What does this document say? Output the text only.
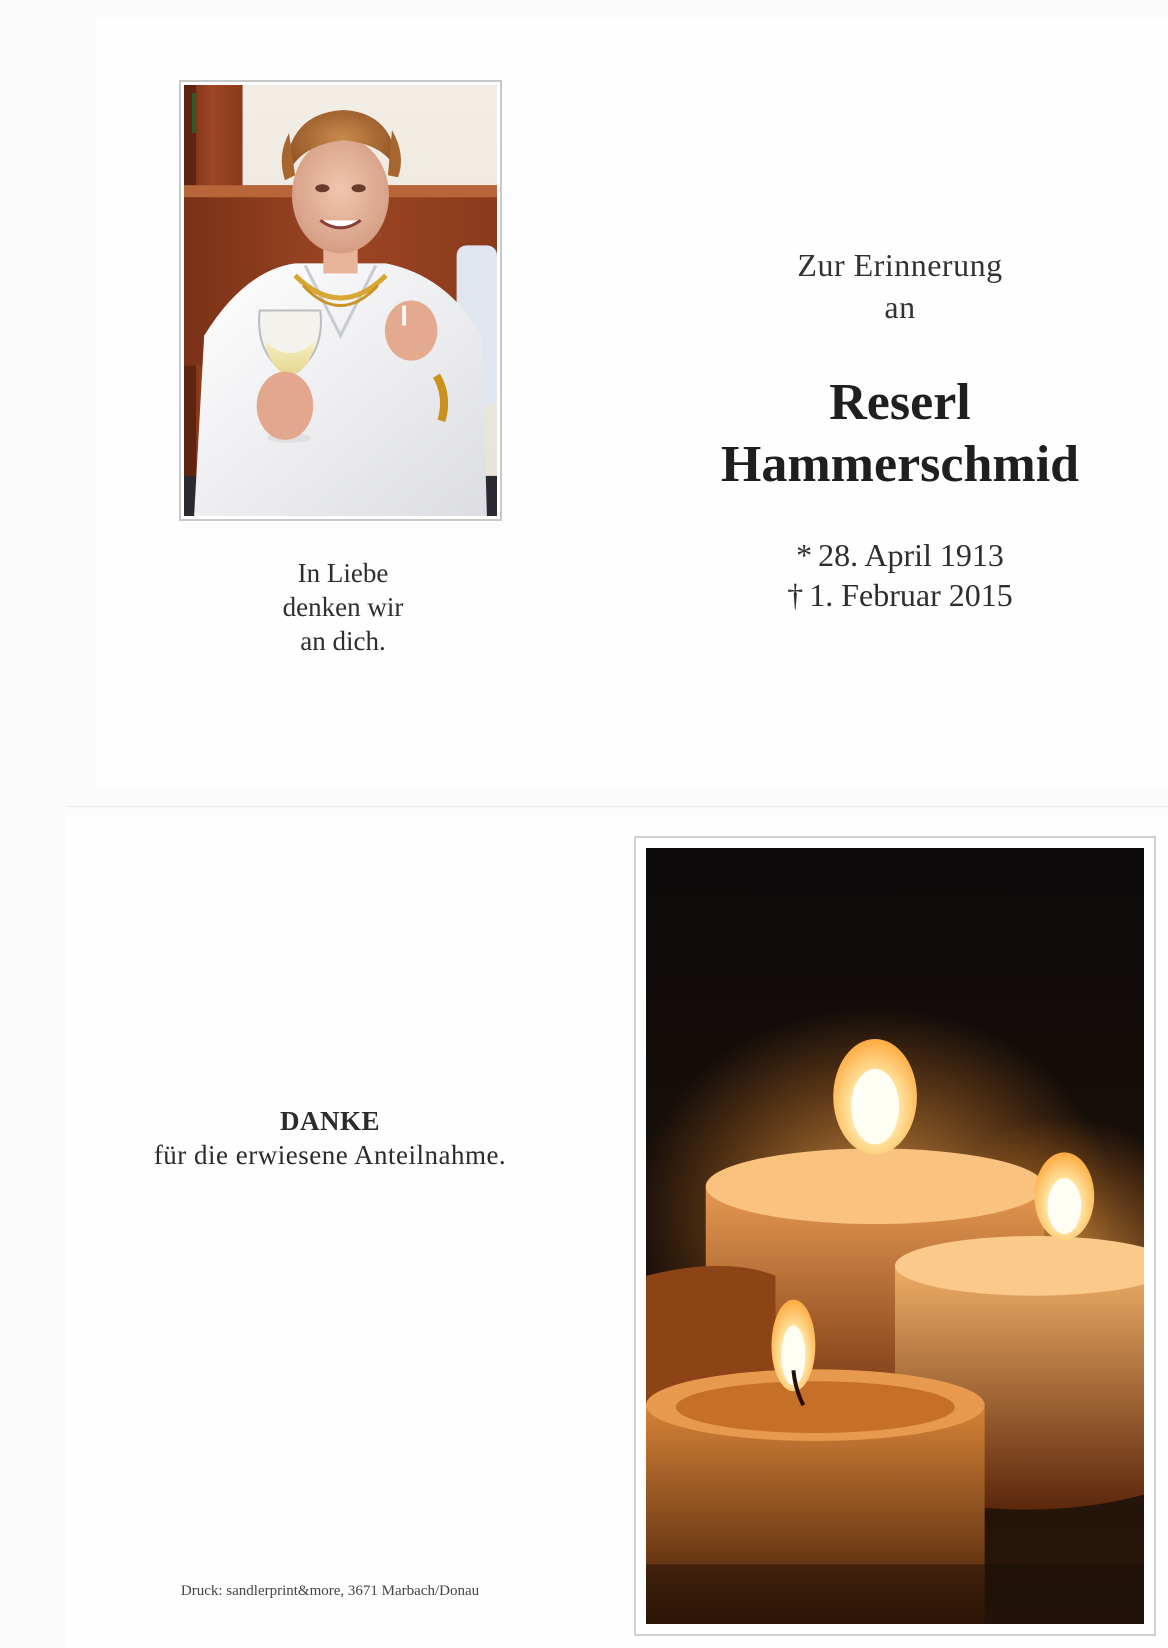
In Liebe
denken wir
an dich.
Zur Erinnerung
an
Reserl
Hammerschmid
* 28. April 1913
† 1. Februar 2015
DANKE
für die erwiesene Anteilnahme.
Druck: sandlerprint&more, 3671 Marbach/Donau
